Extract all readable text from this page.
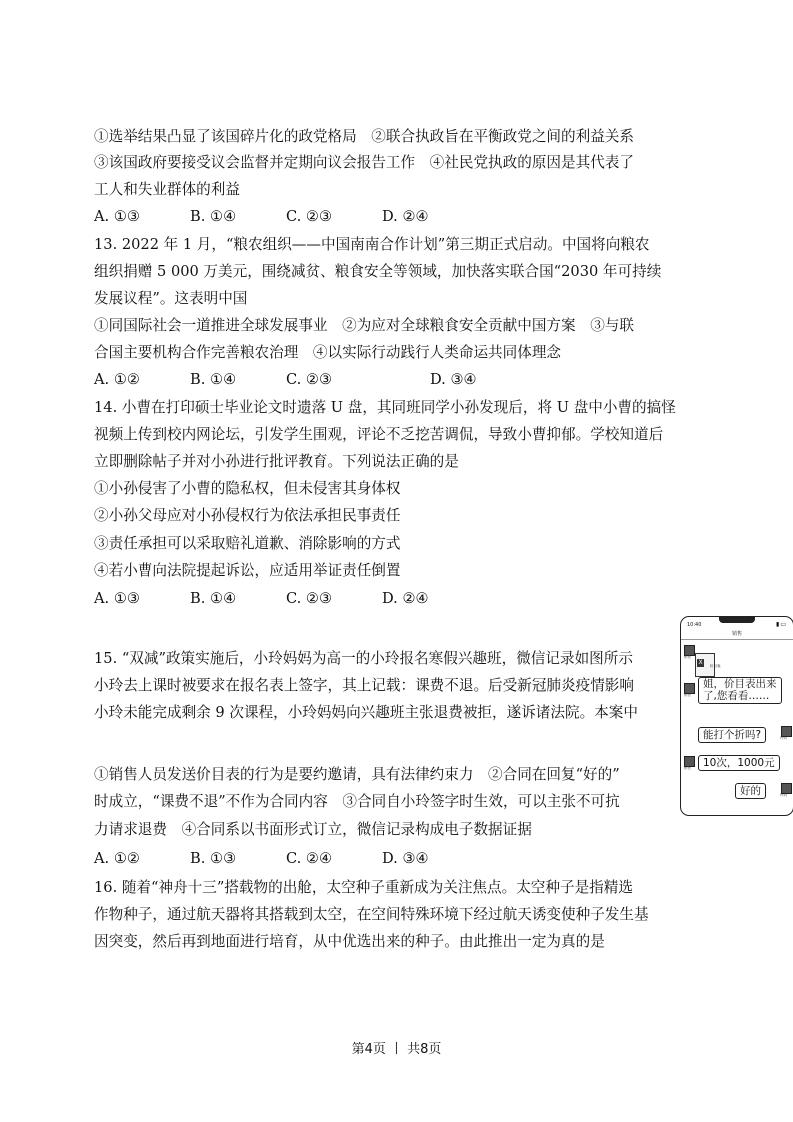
①选举结果凸显了该国碎片化的政党格局　②联合执政旨在平衡政党之间的利益关系
③该国政府要接受议会监督并定期向议会报告工作　④社民党执政的原因是其代表了
工人和失业群体的利益
A. ①③	B. ①④	C. ②③	D. ②④
13. 2022 年 1 月，“粮农组织——中国南南合作计划”第三期正式启动。中国将向粮农
组织捐赠 5 000 万美元，围绕减贫、粮食安全等领域，加快落实联合国“2030 年可持续
发展议程”。这表明中国
①同国际社会一道推进全球发展事业　②为应对全球粮食安全贡献中国方案　③与联
合国主要机构合作完善粮农治理　④以实际行动践行人类命运共同体理念
A. ①②	B. ①④	C. ②③	D. ③④
14. 小曹在打印硕士毕业论文时遗落 U 盘，其同班同学小孙发现后，将 U 盘中小曹的搞怪
视频上传到校内网论坛，引发学生围观，评论不乏挖苦调侃，导致小曹抑郁。学校知道后
立即删除帖子并对小孙进行批评教育。下列说法正确的是
①小孙侵害了小曹的隐私权，但未侵害其身体权
②小孙父母应对小孙侵权行为依法承担民事责任
③责任承担可以采取赔礼道歉、消除影响的方式
④若小曹向法院提起诉讼，应适用举证责任倒置
A. ①③	B. ①④	C. ②③	D. ②④
15. “双减”政策实施后，小玲妈妈为高一的小玲报名寒假兴趣班，微信记录如图所示
小玲去上课时被要求在报名表上签字，其上记载：课费不退。后受新冠肺炎疫情影响
小玲未能完成剩余 9 次课程，小玲妈妈向兴趣班主张退费被拒，遂诉诸法院。本案中
①销售人员发送价目表的行为是要约邀请，具有法律约束力　②合同在回复“好的”
时成立，“课费不退”不作为合同内容　③合同自小玲签字时生效，可以主张不可抗
力请求退费　④合同系以书面形式订立，微信记录构成电子数据证据
A. ①②	B. ①③	C. ②④	D. ③④
10:40	▮▭
销售
销售
X	价目表
销售
姐，价目表出来
了,您看看……
能打个折吗?	玲妈
销售	10次，1000元
好的	玲妈
16. 随着“神舟十三”搭载物的出舱，太空种子重新成为关注焦点。太空种子是指精选
作物种子，通过航天器将其搭载到太空，在空间特殊环境下经过航天诱变使种子发生基
因突变，然后再到地面进行培育，从中优选出来的种子。由此推出一定为真的是
第4页 丨 共8页
